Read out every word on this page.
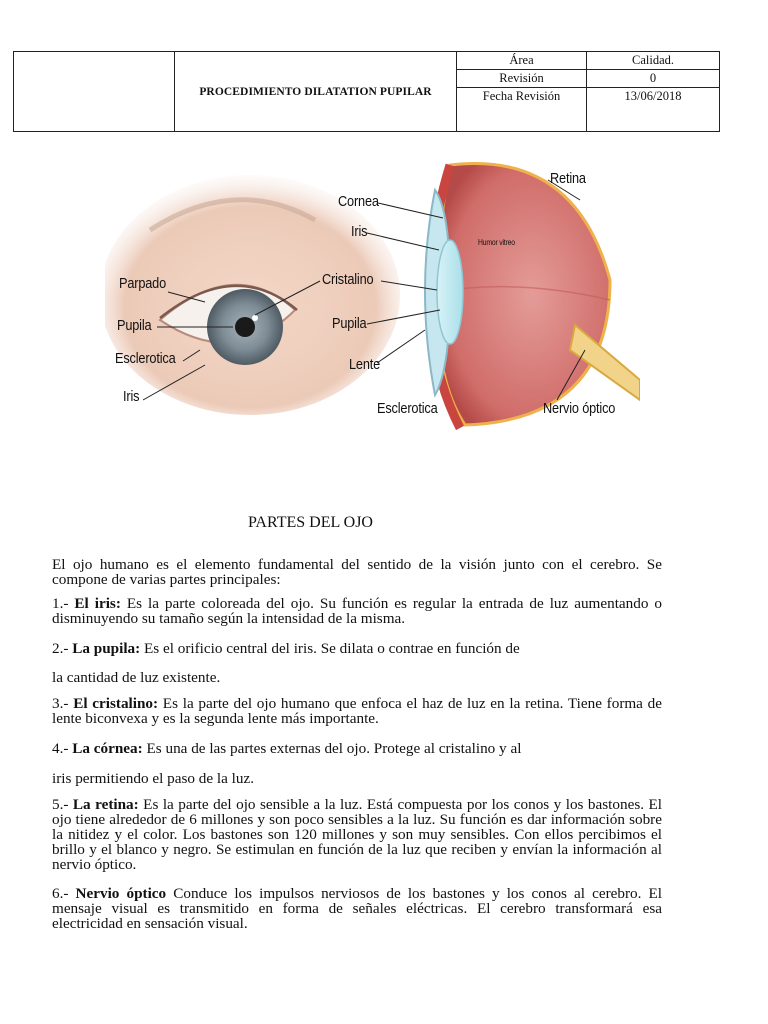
	PROCEDIMIENTO DILATATION PUPILAR	Área	Calidad.
		Revisión	0
		Fecha Revisión	13/06/2018
Parpado
Pupila
Esclerotica
Iris
Cornea
Iris
Cristalino
Pupila
Lente
Esclerotica
Retina
Humor vitreo
Nervio óptico
PARTES DEL OJO
El ojo humano es el elemento fundamental del sentido de la visión junto con el cerebro. Se compone de varias partes principales:
1.- El iris: Es la parte coloreada del ojo. Su función es regular la entrada de luz aumentando o disminuyendo su tamaño según la intensidad de la misma.
2.- La pupila: Es el orificio central del iris. Se dilata o contrae en función de
la cantidad de luz existente.
3.- El cristalino: Es la parte del ojo humano que enfoca el haz de luz en la retina. Tiene forma de lente biconvexa y es la segunda lente más importante.
4.- La córnea: Es una de las partes externas del ojo. Protege al cristalino y al
iris permitiendo el paso de la luz.
5.- La retina: Es la parte del ojo sensible a la luz. Está compuesta por los conos y los bastones. El ojo tiene alrededor de 6 millones y son poco sensibles a la luz. Su función es dar información sobre la nitidez y el color. Los bastones son 120 millones y son muy sensibles. Con ellos percibimos el brillo y el blanco y negro. Se estimulan en función de la luz que reciben y envían la información al nervio óptico.
6.- Nervio óptico Conduce los impulsos nerviosos de los bastones y los conos al cerebro. El mensaje visual es transmitido en forma de señales eléctricas. El cerebro transformará esa electricidad en sensación visual.
